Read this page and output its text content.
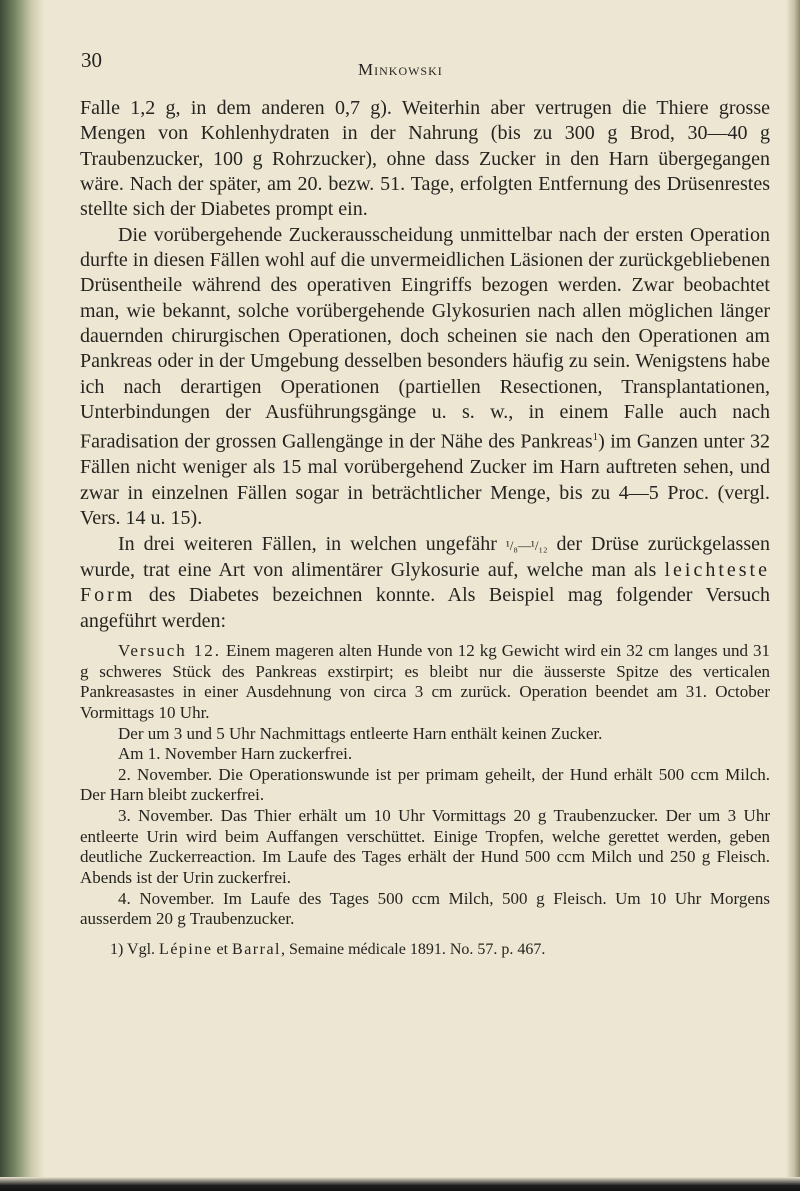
30	Minkowski

Falle 1,2 g, in dem anderen 0,7 g). Weiterhin aber vertrugen die Thiere grosse Mengen von Kohlenhydraten in der Nahrung (bis zu 300 g Brod, 30—40 g Traubenzucker, 100 g Rohrzucker), ohne dass Zucker in den Harn übergegangen wäre. Nach der später, am 20. bezw. 51. Tage, erfolgten Entfernung des Drüsenrestes stellte sich der Diabetes prompt ein.

Die vorübergehende Zuckerausscheidung unmittelbar nach der ersten Operation durfte in diesen Fällen wohl auf die unvermeidlichen Läsionen der zurückgebliebenen Drüsentheile während des operativen Eingriffs bezogen werden. Zwar beobachtet man, wie bekannt, solche vorübergehende Glykosurien nach allen möglichen länger dauernden chirurgischen Operationen, doch scheinen sie nach den Operationen am Pankreas oder in der Umgebung desselben besonders häufig zu sein. Wenigstens habe ich nach derartigen Operationen (partiellen Resectionen, Transplantationen, Unterbindungen der Ausführungsgänge u. s. w., in einem Falle auch nach Faradisation der grossen Gallengänge in der Nähe des Pankreas$^1$) im Ganzen unter 32 Fällen nicht weniger als 15 mal vorübergehend Zucker im Harn auftreten sehen, und zwar in einzelnen Fällen sogar in beträchtlicher Menge, bis zu 4—5 Proc. (vergl. Vers. 14 u. 15).

In drei weiteren Fällen, in welchen ungefähr ¹/₈—¹/₁₂ der Drüse zurückgelassen wurde, trat eine Art von alimentärer Glykosurie auf, welche man als leichteste Form des Diabetes bezeichnen konnte. Als Beispiel mag folgender Versuch angeführt werden:

Versuch 12. Einem mageren alten Hunde von 12 kg Gewicht wird ein 32 cm langes und 31 g schweres Stück des Pankreas exstirpirt; es bleibt nur die äusserste Spitze des verticalen Pankreasastes in einer Ausdehnung von circa 3 cm zurück. Operation beendet am 31. October Vormittags 10 Uhr.

Der um 3 und 5 Uhr Nachmittags entleerte Harn enthält keinen Zucker.

Am 1. November Harn zuckerfrei.

2. November. Die Operationswunde ist per primam geheilt, der Hund erhält 500 ccm Milch. Der Harn bleibt zuckerfrei.

3. November. Das Thier erhält um 10 Uhr Vormittags 20 g Traubenzucker. Der um 3 Uhr entleerte Urin wird beim Auffangen verschüttet. Einige Tropfen, welche gerettet werden, geben deutliche Zuckerreaction. Im Laufe des Tages erhält der Hund 500 ccm Milch und 250 g Fleisch. Abends ist der Urin zuckerfrei.

4. November. Im Laufe des Tages 500 ccm Milch, 500 g Fleisch. Um 10 Uhr Morgens ausserdem 20 g Traubenzucker.

1) Vgl. Lépine et Barral, Semaine médicale 1891. No. 57. p. 467.
